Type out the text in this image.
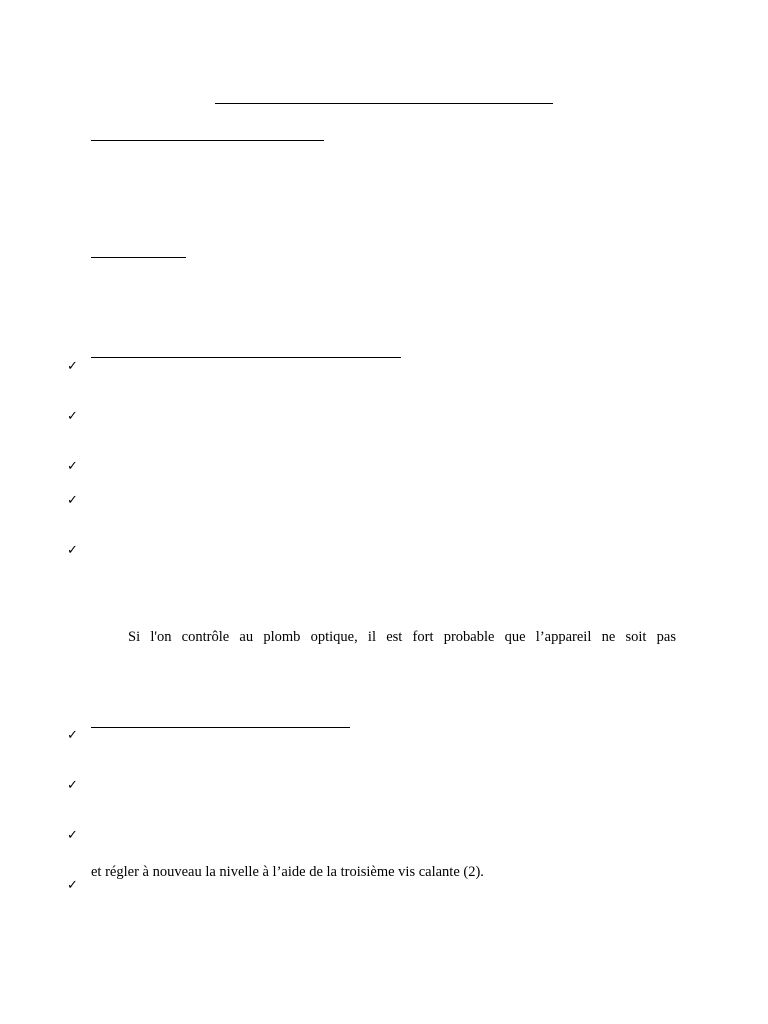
✓
✓
✓
✓
✓
Si l'on contrôle au plomb optique, il est fort probable que l’appareil ne soit pas
✓
✓
✓
et régler à nouveau la nivelle à l’aide de la troisième vis calante (2).
✓
